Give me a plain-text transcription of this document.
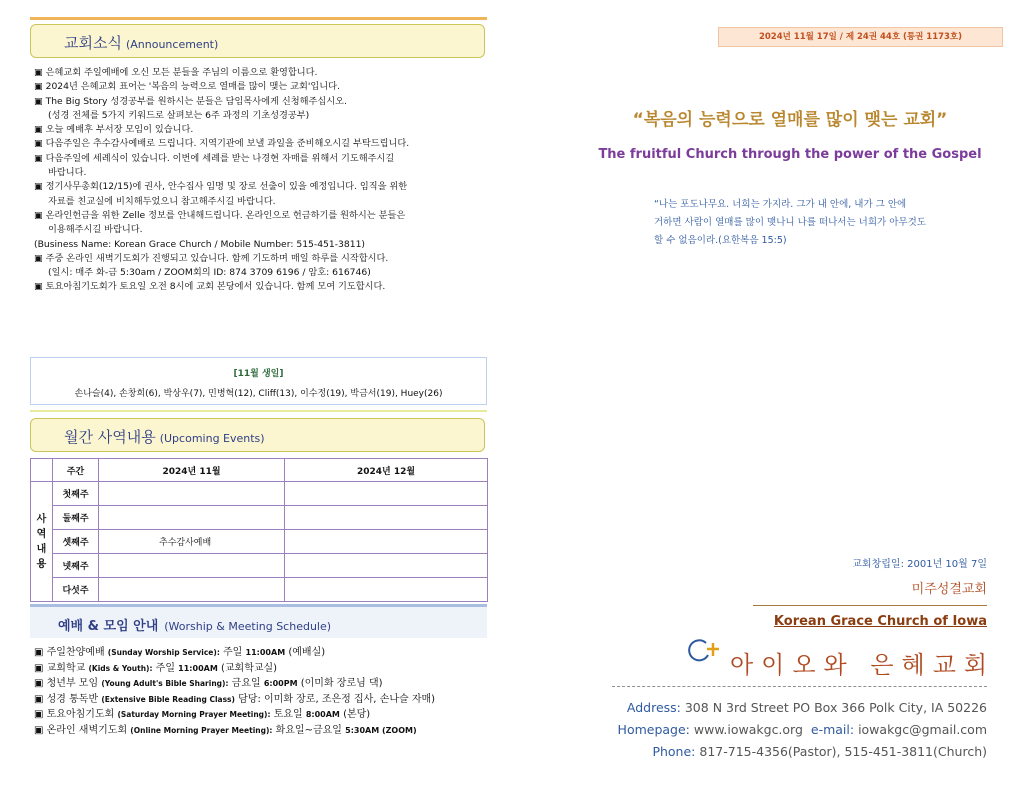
교회소식 (Announcement)
▣ 은혜교회 주일예배에 오신 모든 분들을 주님의 이름으로 환영합니다.
▣ 2024년 은혜교회 표어는 '복음의 능력으로 열매를 많이 맺는 교회'입니다.
▣ The Big Story 성경공부를 원하시는 분들은 담임목사에게 신청해주십시오.
(성경 전체를 5가지 키워드로 살펴보는 6주 과정의 기초성경공부)
▣ 오늘 예배후 부서장 모임이 있습니다.
▣ 다음주일은 추수감사예배로 드립니다. 지역기관에 보낼 과일을 준비해오시길 부탁드립니다.
▣ 다음주일에 세례식이 있습니다. 이번에 세례를 받는 나경현 자매를 위해서 기도해주시길
바랍니다.
▣ 정기사무총회(12/15)에 권사, 안수집사 임명 및 장로 선출이 있을 예정입니다. 임직을 위한
자료를 친교실에 비치해두었으니 참고해주시길 바랍니다.
▣ 온라인헌금을 위한 Zelle 정보를 안내해드립니다. 온라인으로 헌금하기를 원하시는 분들은
이용해주시길 바랍니다.
(Business Name: Korean Grace Church / Mobile Number: 515-451-3811)
▣ 주중 온라인 새벽기도회가 진행되고 있습니다. 함께 기도하며 매일 하루를 시작합시다.
(일시: 매주 화-금 5:30am / ZOOM회의 ID: 874 3709 6196 / 암호: 616746)
▣ 토요아침기도회가 토요일 오전 8시에 교회 본당에서 있습니다. 함께 모여 기도합시다.
[11월 생일]
손나슬(4), 손창희(6), 박상우(7), 민병혁(12), Cliff(13), 이수정(19), 박금서(19), Huey(26)
월간 사역내용 (Upcoming Events)
	주간	2024년 11월	2024년 12월
사
역
내
용	첫째주		
	둘째주		
	셋째주	추수감사예배	
	넷째주		
	다섯주		
예배 & 모임 안내 (Worship & Meeting Schedule)
▣ 주일찬양예배 (Sunday Worship Service): 주일 11:00AM (예배실)
▣ 교회학교 (Kids & Youth): 주일 11:00AM (교회학교실)
▣ 청년부 모임 (Young Adult's Bible Sharing): 금요일 6:00PM (이미화 장로님 댁)
▣ 성경 통독반 (Extensive Bible Reading Class) 담당: 이미화 장로, 조은정 집사, 손나슬 자매)
▣ 토요아침기도회 (Saturday Morning Prayer Meeting): 토요일 8:00AM (본당)
▣ 온라인 새벽기도회 (Online Morning Prayer Meeting): 화요일~금요일 5:30AM (ZOOM)
2024년 11월 17일 / 제 24권 44호 (통권 1173호)
“복음의 능력으로 열매를 많이 맺는 교회”
The fruitful Church through the power of the Gospel
“나는 포도나무요. 너희는 가지라. 그가 내 안에, 내가 그 안에
거하면 사람이 열매를 많이 맺나니 나를 떠나서는 너희가 아무것도
할 수 없음이라.(요한복음 15:5)
교회창립일: 2001년 10월 7일
미주성결교회
Korean Grace Church of Iowa
아이오와 은혜교회
Address: 308 N 3rd Street PO Box 366 Polk City, IA 50226
Homepage: www.iowakgc.org e-mail: iowakgc@gmail.com
Phone: 817-715-4356(Pastor), 515-451-3811(Church)
